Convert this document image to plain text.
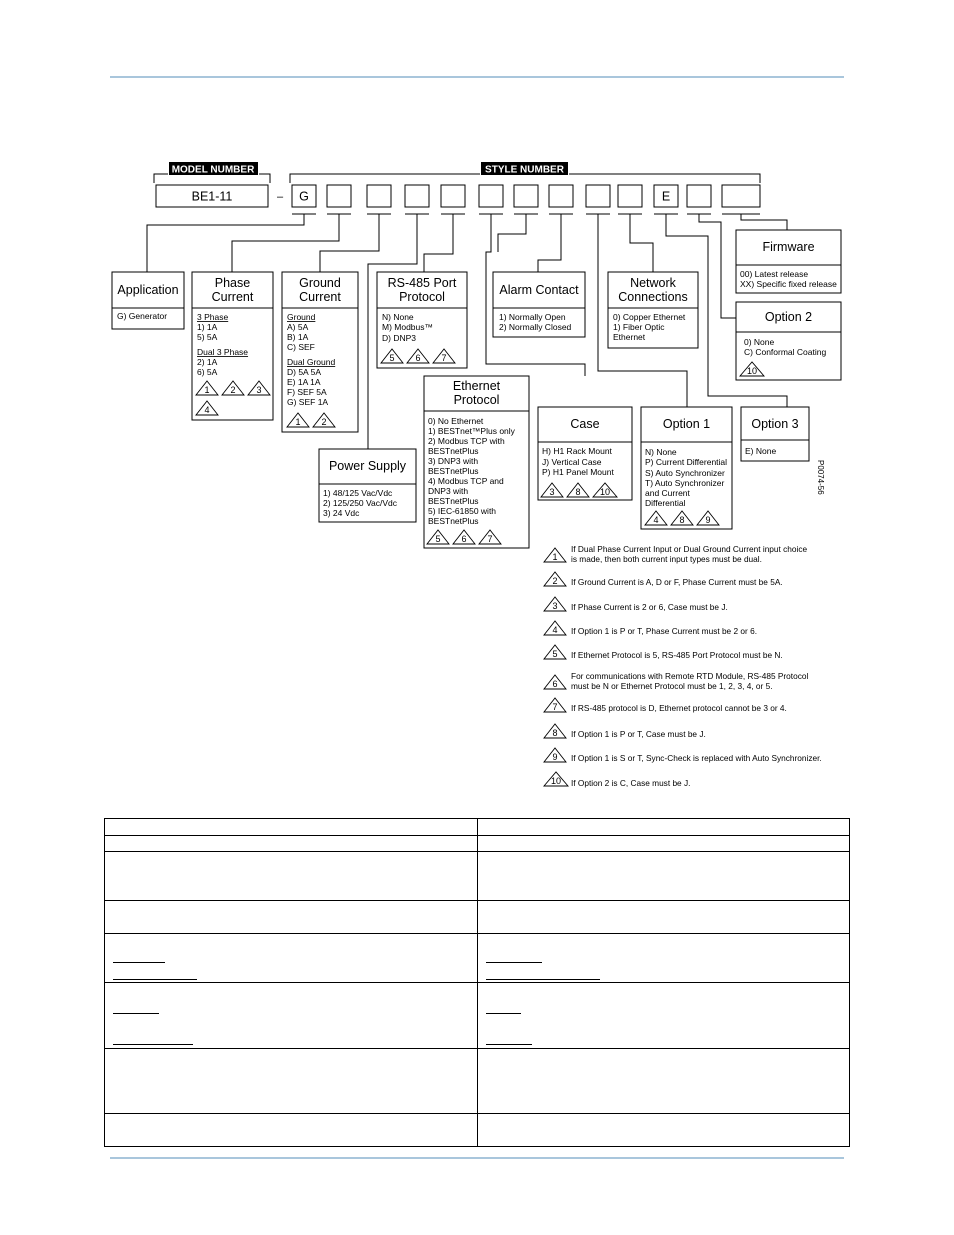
MODEL NUMBER	STYLE NUMBER
BE1-11	– G	E
Application
G) Generator
Phase
Current
3 Phase
1) 1A
5) 5A
Dual 3 Phase
2) 1A
6) 5A
1 2 3
4
Ground
Current
Ground
A) 5A
B) 1A
C) SEF
Dual Ground
D) 5A 5A
E) 1A 1A
F) SEF 5A
G) SEF 1A
1 2
RS-485 Port
Protocol
N) None
M) Modbus™
D) DNP3
5 6 7
Alarm Contact
1) Normally Open
2) Normally Closed
Network
Connections
0) Copper Ethernet
1) Fiber Optic
Ethernet
Firmware
00) Latest release
XX) Specific fixed release
Option 2
0) None
C) Conformal Coating
10
Ethernet
Protocol
0) No Ethernet
1) BESTnet™Plus only
2) Modbus TCP with
BESTnetPlus
3) DNP3 with
BESTnetPlus
4) Modbus TCP and
DNP3 with
BESTnetPlus
5) IEC-61850 with
BESTnetPlus
5 6 7
Case
H) H1 Rack Mount
J) Vertical Case
P) H1 Panel Mount
3 8 10
Option 1
N) None
P) Current Differential
S) Auto Synchronizer
T) Auto Synchronizer
and Current
Differential
4 8 9
Option 3
E) None
P0074-56
Power Supply
1) 48/125 Vac/Vdc
2) 125/250 Vac/Vdc
3) 24 Vdc
1
If Dual Phase Current Input or Dual Ground Current input choice
is made, then both current input types must be dual.
2 If Ground Current is A, D or F, Phase Current must be 5A.
3 If Phase Current is 2 or 6, Case must be J.
4 If Option 1 is P or T, Phase Current must be 2 or 6.
5 If Ethernet Protocol is 5, RS-485 Port Protocol must be N.
6
For communications with Remote RTD Module, RS-485 Protocol
must be N or Ethernet Protocol must be 1, 2, 3, 4, or 5.
7 If RS-485 protocol is D, Ethernet protocol cannot be 3 or 4.
8 If Option 1 is P or T, Case must be J.
9 If Option 1 is S or T, Sync-Check is replaced with Auto Synchronizer.
10 If Option 2 is C, Case must be J.
